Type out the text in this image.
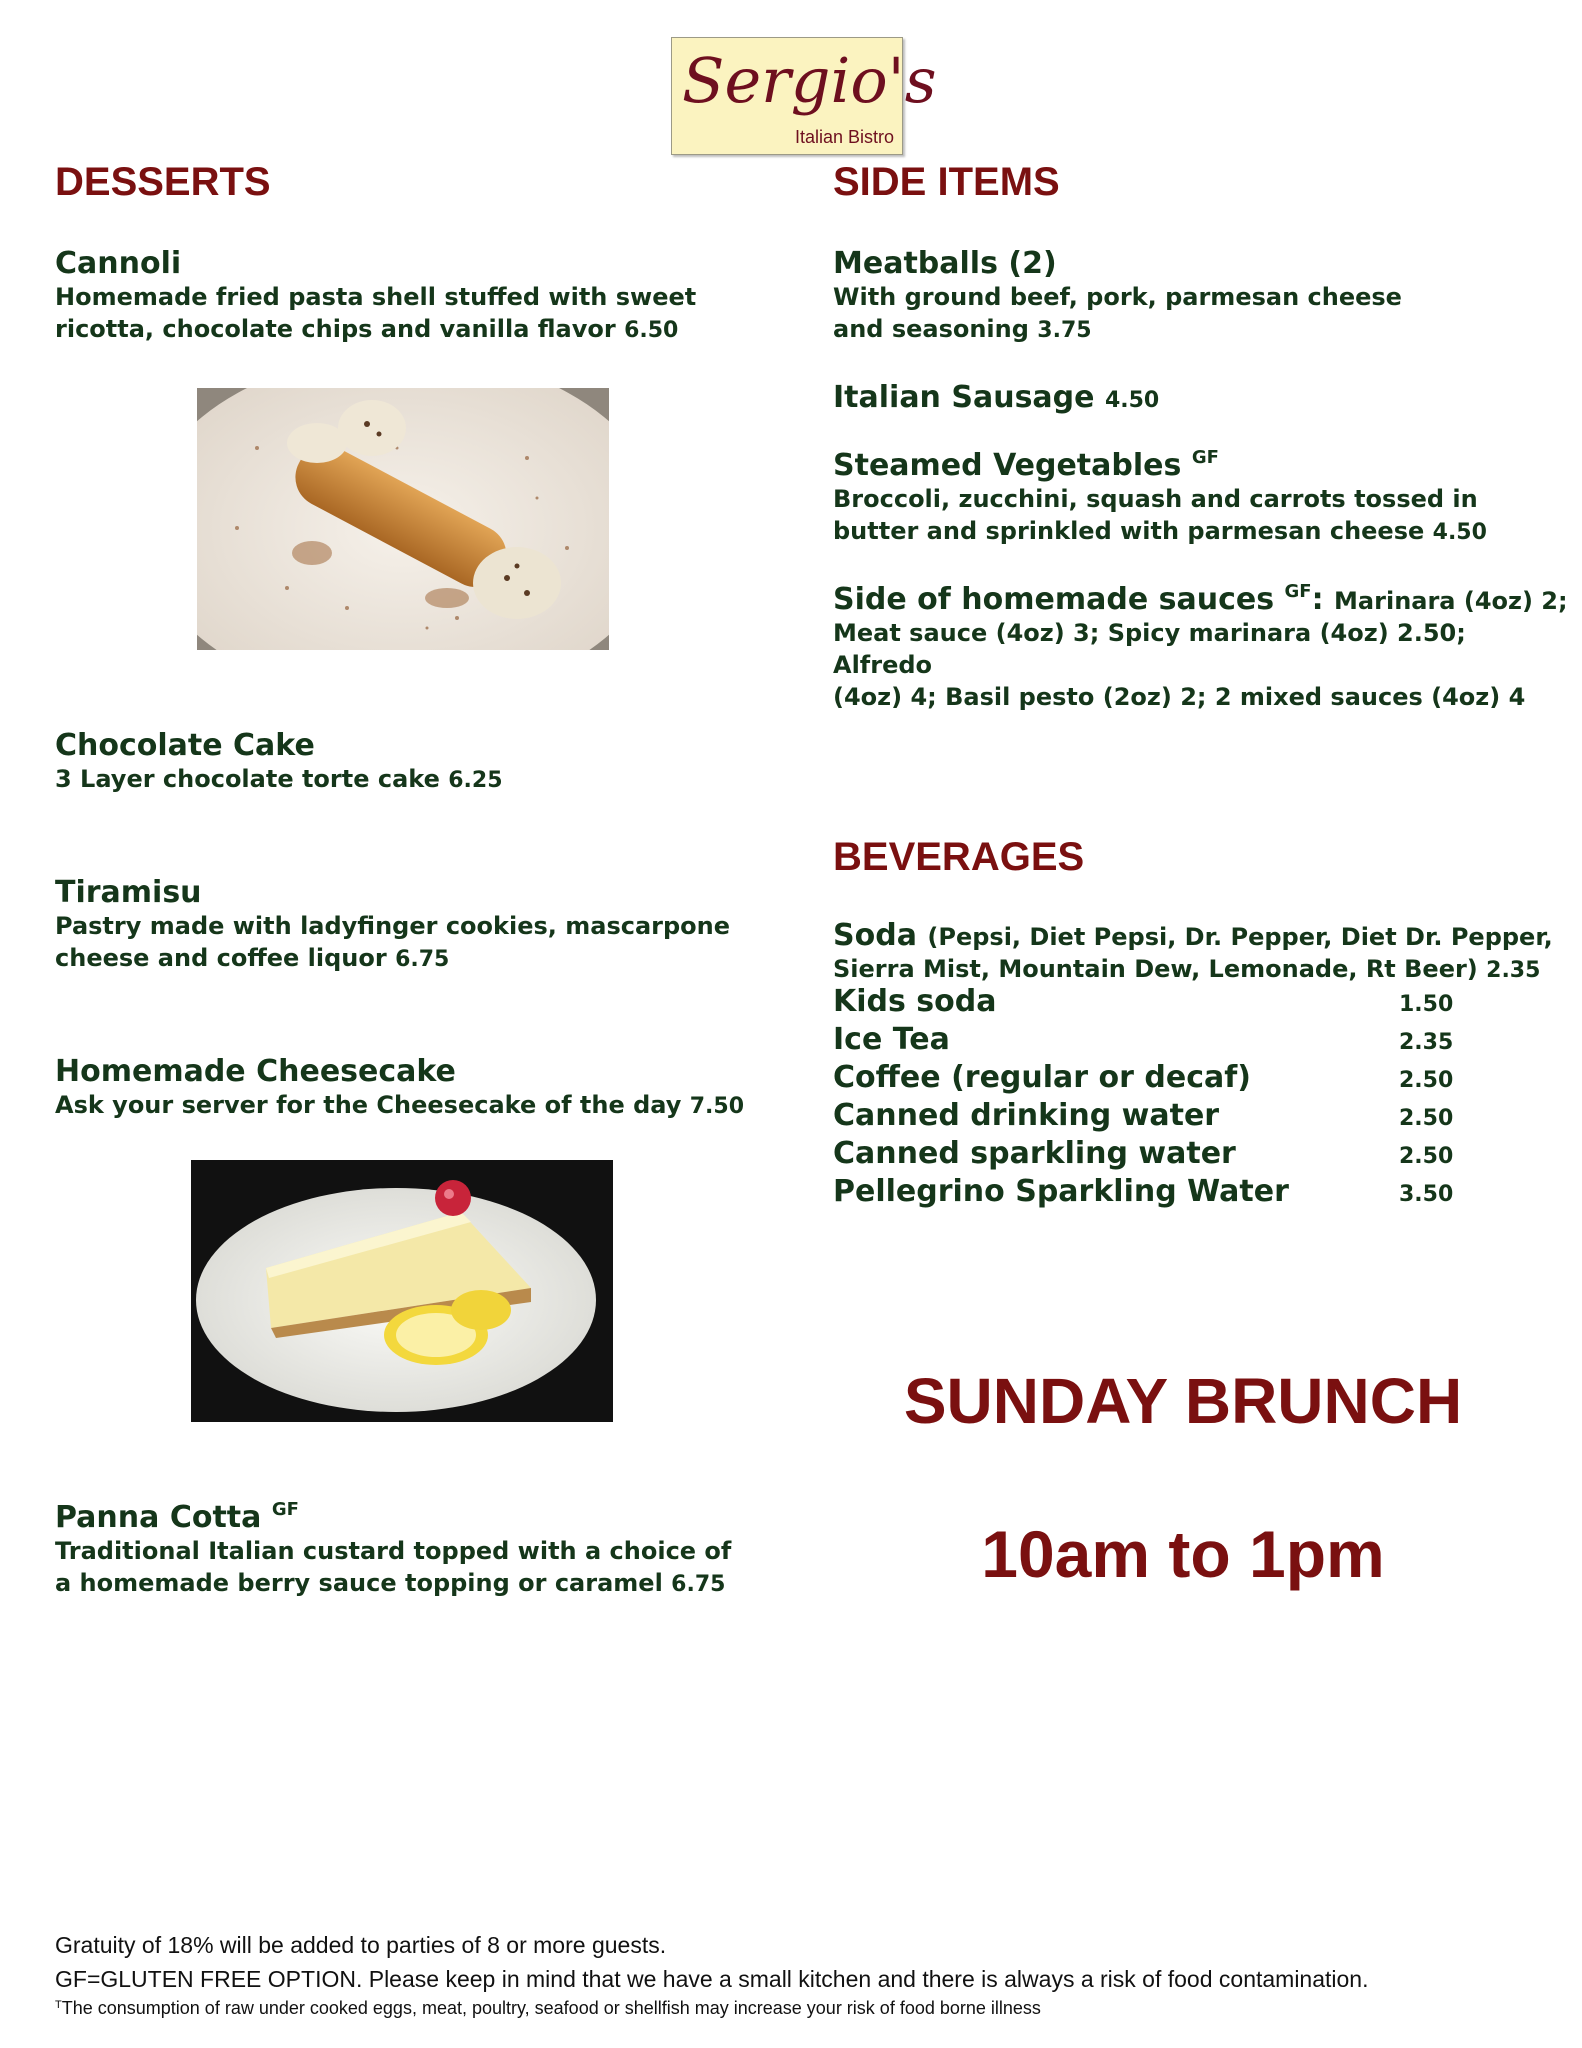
Sergio's
Italian Bistro
DESSERTS
Cannoli
Homemade fried pasta shell stuffed with sweet ricotta, chocolate chips and vanilla flavor 6.50
Chocolate Cake
3 Layer chocolate torte cake 6.25
Tiramisu
Pastry made with ladyfinger cookies, mascarpone cheese and coffee liquor 6.75
Homemade Cheesecake
Ask your server for the Cheesecake of the day 7.50
Panna Cotta $^{GF}$
Traditional Italian custard topped with a choice of a homemade berry sauce topping or caramel 6.75
SIDE ITEMS
Meatballs (2)
With ground beef, pork, parmesan cheese and seasoning 3.75
Italian Sausage 4.50
Steamed Vegetables $^{GF}$
Broccoli, zucchini, squash and carrots tossed in butter and sprinkled with parmesan cheese 4.50
Side of homemade sauces $^{GF}$: Marinara (4oz) 2;
Meat sauce (4oz) 3; Spicy marinara (4oz) 2.50; Alfredo
(4oz) 4; Basil pesto (2oz) 2; 2 mixed sauces (4oz) 4
BEVERAGES
Soda (Pepsi, Diet Pepsi, Dr. Pepper, Diet Dr. Pepper,
Sierra Mist, Mountain Dew, Lemonade, Rt Beer) 2.35
Kids soda	1.50
Ice Tea	2.35
Coffee (regular or decaf)	2.50
Canned drinking water	2.50
Canned sparkling water	2.50
Pellegrino Sparkling Water	3.50
SUNDAY BRUNCH
10am to 1pm
Gratuity of 18% will be added to parties of 8 or more guests.
GF=GLUTEN FREE OPTION. Please keep in mind that we have a small kitchen and there is always a risk of food contamination.
$^T$The consumption of raw under cooked eggs, meat, poultry, seafood or shellfish may increase your risk of food borne illness
